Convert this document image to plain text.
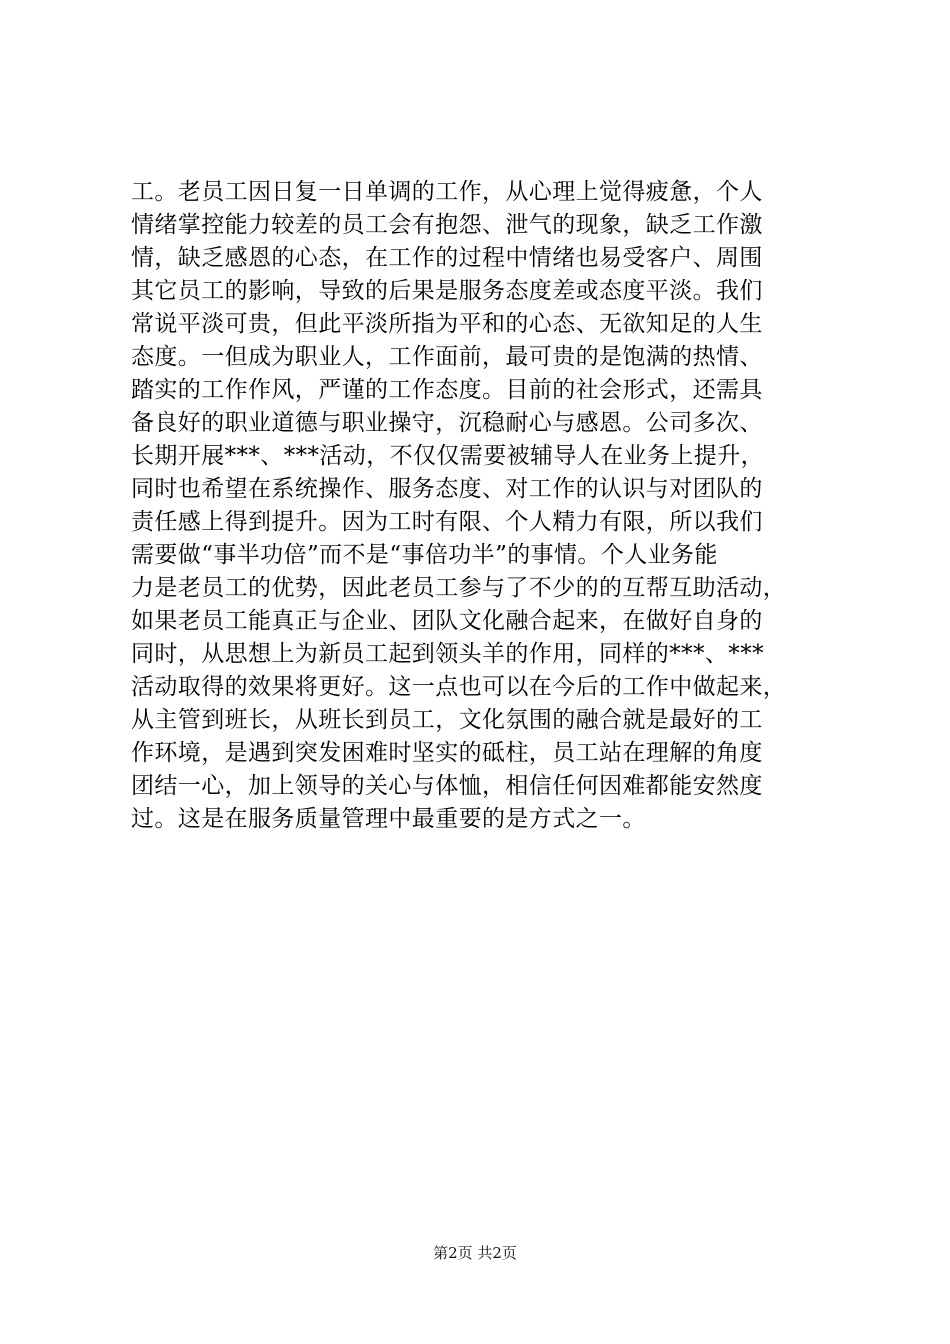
工。老员工因日复一日单调的工作，从心理上觉得疲惫，个人
情绪掌控能力较差的员工会有抱怨、泄气的现象，缺乏工作激
情，缺乏感恩的心态，在工作的过程中情绪也易受客户、周围
其它员工的影响，导致的后果是服务态度差或态度平淡。我们
常说平淡可贵，但此平淡所指为平和的心态、无欲知足的人生
态度。一但成为职业人，工作面前，最可贵的是饱满的热情、
踏实的工作作风，严谨的工作态度。目前的社会形式，还需具
备良好的职业道德与职业操守，沉稳耐心与感恩。公司多次、
长期开展***、***活动，不仅仅需要被辅导人在业务上提升，
同时也希望在系统操作、服务态度、对工作的认识与对团队的
责任感上得到提升。因为工时有限、个人精力有限，所以我们
需要做“事半功倍”而不是“事倍功半”的事情。个人业务能
力是老员工的优势，因此老员工参与了不少的的互帮互助活动，
如果老员工能真正与企业、团队文化融合起来，在做好自身的
同时，从思想上为新员工起到领头羊的作用，同样的***、***
活动取得的效果将更好。这一点也可以在今后的工作中做起来，
从主管到班长，从班长到员工，文化氛围的融合就是最好的工
作环境，是遇到突发困难时坚实的砥柱，员工站在理解的角度
团结一心，加上领导的关心与体恤，相信任何因难都能安然度
过。这是在服务质量管理中最重要的是方式之一。
第2页 共2页
